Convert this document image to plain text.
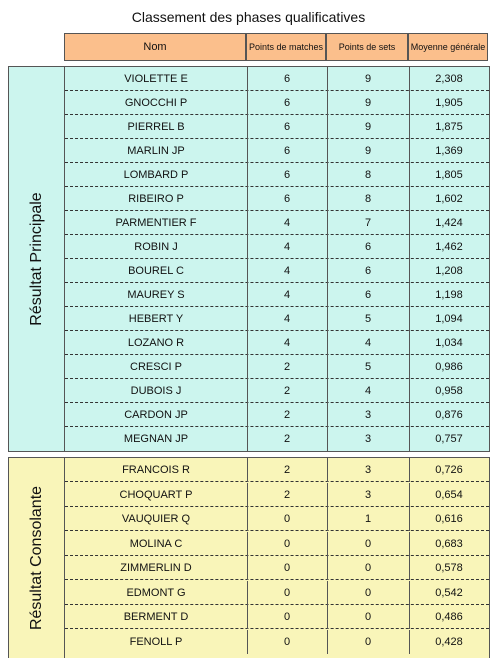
Classement des phases qualificatives
Nom	Points de matches	Points de sets	Moyenne générale
Résultat Principale
VIOLETTE E	6	9	2,308
GNOCCHI P	6	9	1,905
PIERREL B	6	9	1,875
MARLIN JP	6	9	1,369
LOMBARD P	6	8	1,805
RIBEIRO P	6	8	1,602
PARMENTIER F	4	7	1,424
ROBIN J	4	6	1,462
BOUREL C	4	6	1,208
MAUREY S	4	6	1,198
HEBERT Y	4	5	1,094
LOZANO R	4	4	1,034
CRESCI P	2	5	0,986
DUBOIS J	2	4	0,958
CARDON JP	2	3	0,876
MEGNAN JP	2	3	0,757
Résultat Consolante
FRANCOIS R	2	3	0,726
CHOQUART P	2	3	0,654
VAUQUIER Q	0	1	0,616
MOLINA C	0	0	0,683
ZIMMERLIN D	0	0	0,578
EDMONT G	0	0	0,542
BERMENT D	0	0	0,486
FENOLL P	0	0	0,428
